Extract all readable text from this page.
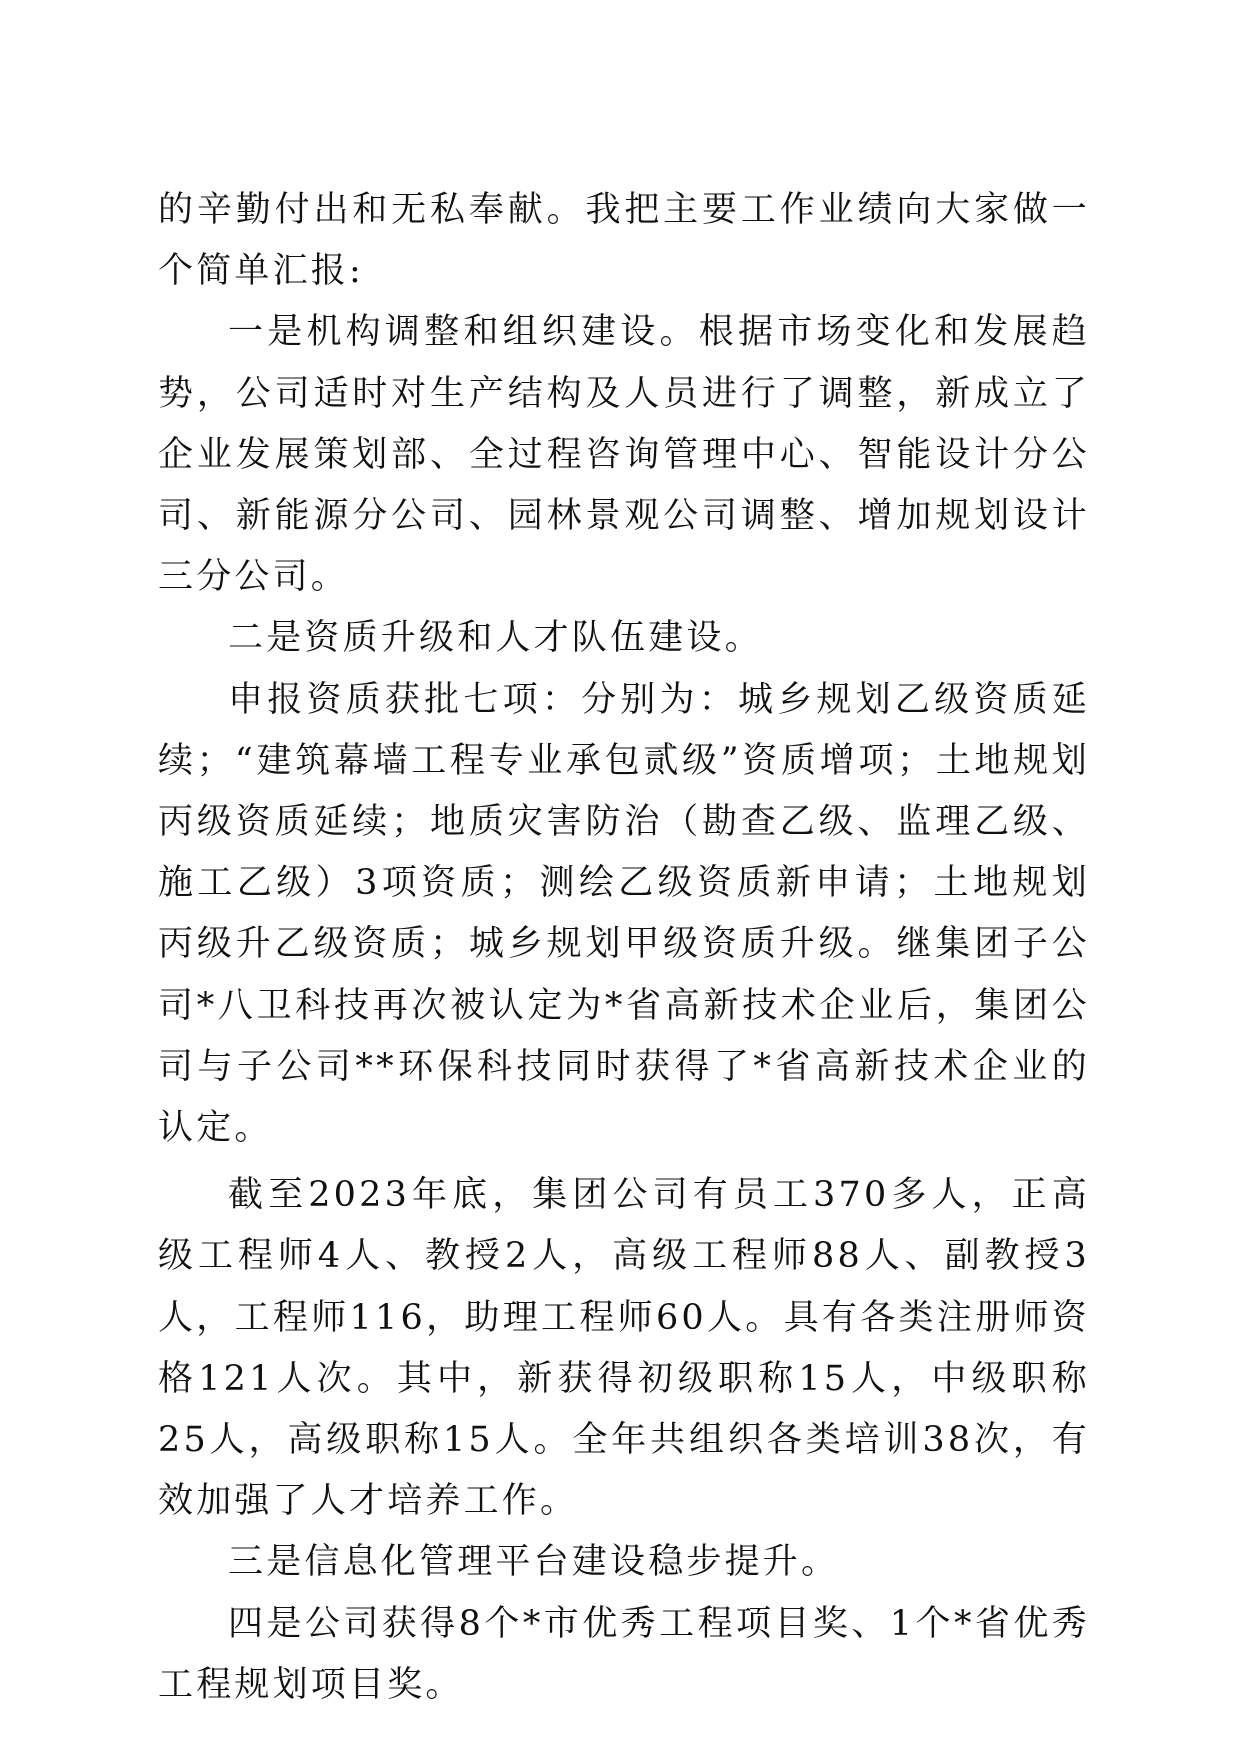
的辛勤付出和无私奉献。我把主要工作业绩向大家做一个简单汇报:

一是机构调整和组织建设。根据市场变化和发展趋势，公司适时对生产结构及人员进行了调整，新成立了企业发展策划部、全过程咨询管理中心、智能设计分公司、新能源分公司、园林景观公司调整、增加规划设计三分公司。

二是资质升级和人才队伍建设。

申报资质获批七项：分别为：城乡规划乙级资质延续；“建筑幕墙工程专业承包贰级”资质增项；土地规划丙级资质延续；地质灾害防治（勘查乙级、监理乙级、施工乙级）3项资质；测绘乙级资质新申请；土地规划丙级升乙级资质；城乡规划甲级资质升级。继集团子公司*八卫科技再次被认定为*省高新技术企业后，集团公司与子公司**环保科技同时获得了*省高新技术企业的认定。

截至2023年底，集团公司有员工370多人，正高级工程师4人、教授2人，高级工程师88人、副教授3人，工程师116，助理工程师60人。具有各类注册师资格121人次。其中，新获得初级职称15人，中级职称25人，高级职称15人。全年共组织各类培训38次，有效加强了人才培养工作。

三是信息化管理平台建设稳步提升。

四是公司获得8个*市优秀工程项目奖、1个*省优秀工程规划项目奖。
